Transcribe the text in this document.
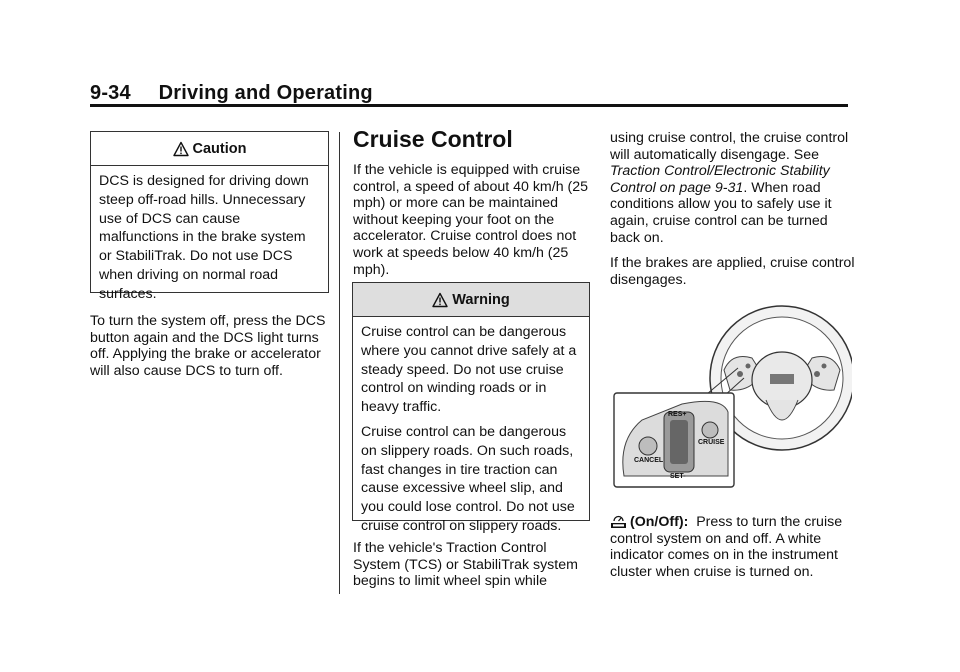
9-34 Driving and Operating
Caution

DCS is designed for driving down steep off-road hills. Unnecessary use of DCS can cause malfunctions in the brake system or StabiliTrak. Do not use DCS when driving on normal road surfaces.

To turn the system off, press the DCS button again and the DCS light turns off. Applying the brake or accelerator will also cause DCS to turn off.

Cruise Control

If the vehicle is equipped with cruise control, a speed of about 40 km/h (25 mph) or more can be maintained without keeping your foot on the accelerator. Cruise control does not work at speeds below 40 km/h (25 mph).

Warning

Cruise control can be dangerous where you cannot drive safely at a steady speed. Do not use cruise control on winding roads or in heavy traffic.

Cruise control can be dangerous on slippery roads. On such roads, fast changes in tire traction can cause excessive wheel slip, and you could lose control. Do not use cruise control on slippery roads.

If the vehicle's Traction Control System (TCS) or StabiliTrak system begins to limit wheel spin while

using cruise control, the cruise control will automatically disengage. See Traction Control/Electronic Stability Control on page 9-31. When road conditions allow you to safely use it again, cruise control can be turned back on.

If the brakes are applied, cruise control disengages.

RES+
SET-
CANCEL
CRUISE

(On/Off): Press to turn the cruise control system on and off. A white indicator comes on in the instrument cluster when cruise is turned on.
